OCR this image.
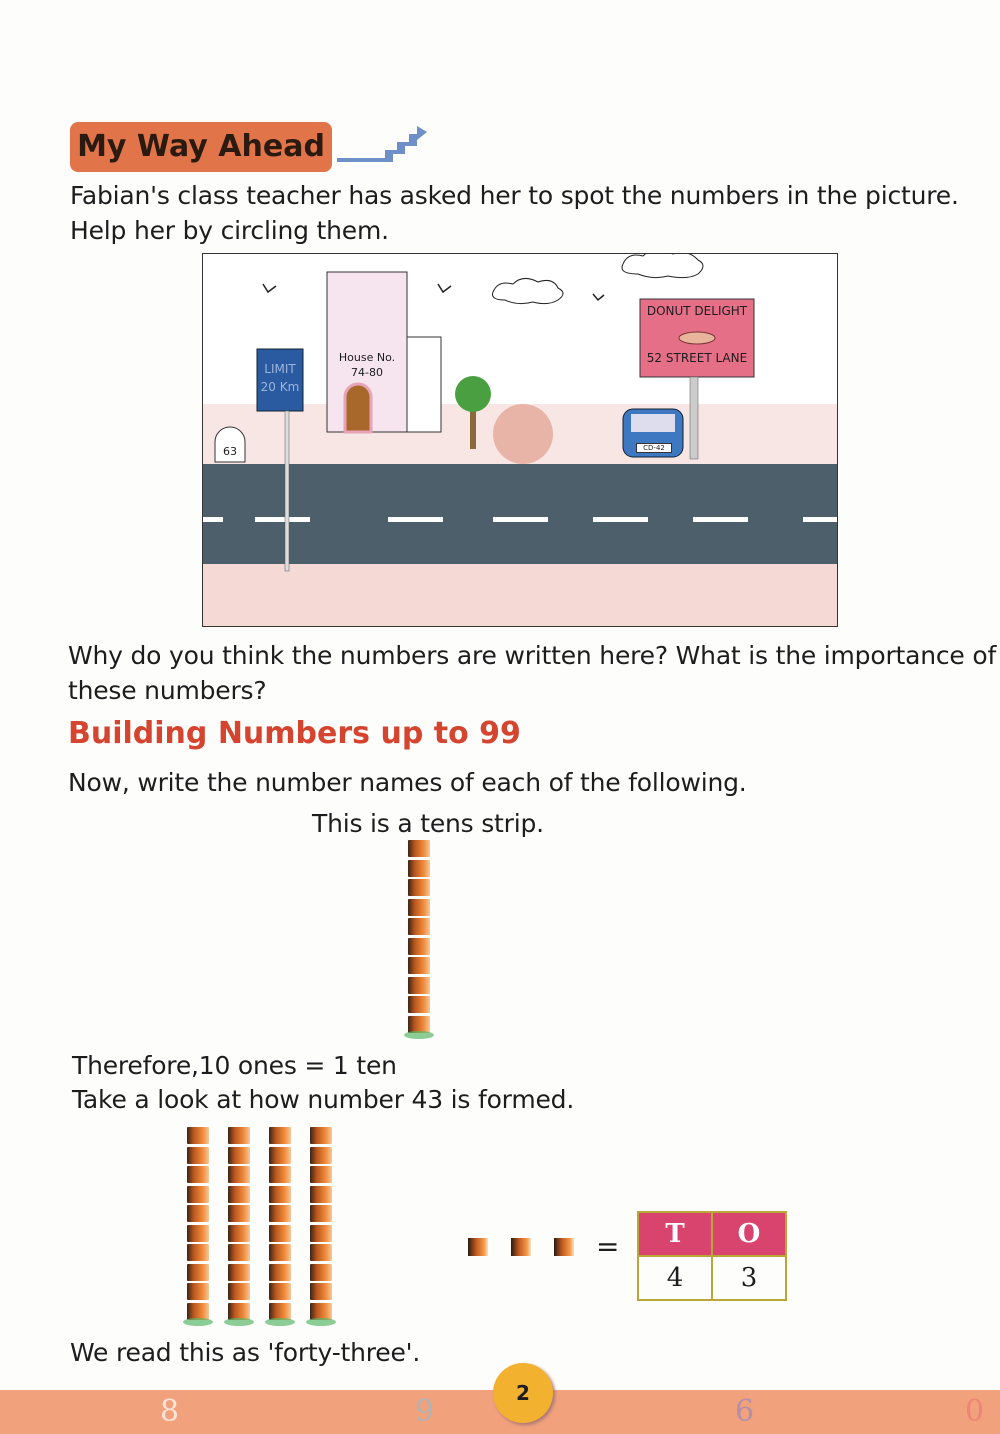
My Way Ahead
Fabian's class teacher has asked her to spot the numbers in the picture.
Help her by circling them.
LIMIT
20 Km
House No.
74-80
63
DONUT DELIGHT
52 STREET LANE
CD-42
Why do you think the numbers are written here? What is the importance of
these numbers?
Building Numbers up to 99
Now, write the number names of each of the following.
This is a tens strip.
Therefore,10 ones = 1 ten
Take a look at how number 43 is formed.
= T	O
4	3
We read this as 'forty-three'.
8	9	6	0
2
